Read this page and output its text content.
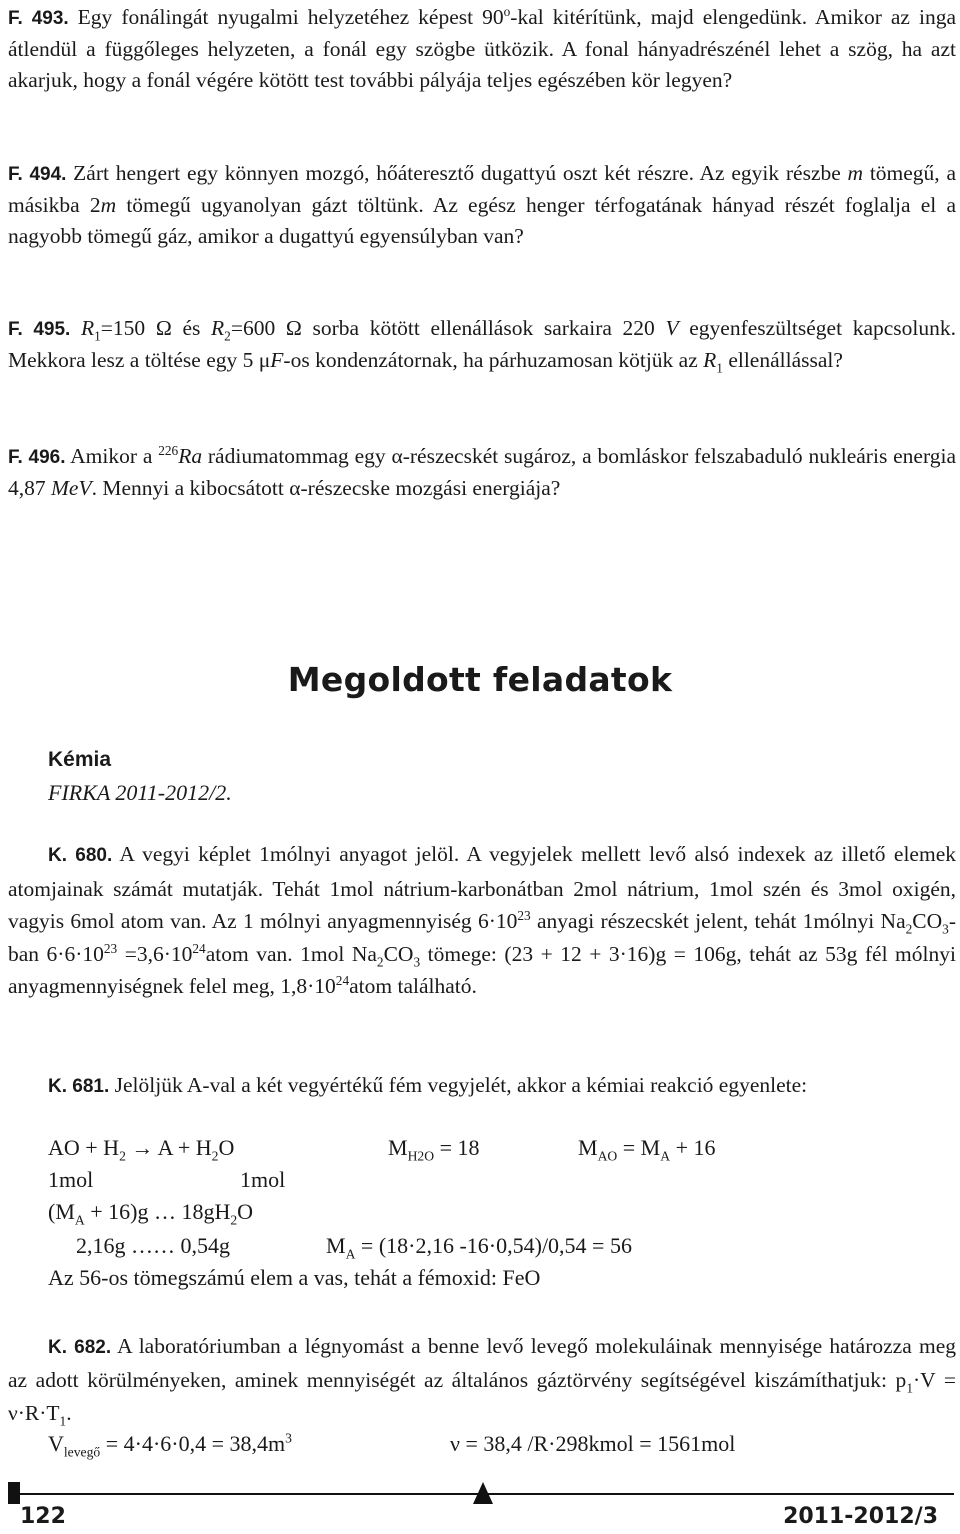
F. 493. Egy fonálingát nyugalmi helyzetéhez képest 90$^o$-kal kitérítünk, majd elengedünk. Amikor az inga átlendül a függőleges helyzeten, a fonál egy szögbe ütközik. A fonal hányadrészénél lehet a szög, ha azt akarjuk, hogy a fonál végére kötött test további pályája teljes egészében kör legyen?

F. 494. Zárt hengert egy könnyen mozgó, hőáteresztő dugattyú oszt két részre. Az egyik részbe m tömegű, a másikba 2m tömegű ugyanolyan gázt töltünk. Az egész henger térfogatának hányad részét foglalja el a nagyobb tömegű gáz, amikor a dugattyú egyensúlyban van?

F. 495. $R_1=150$ Ω és $R_2=600$ Ω sorba kötött ellenállások sarkaira 220 V egyenfeszültséget kapcsolunk. Mekkora lesz a töltése egy 5 μF-os kondenzátornak, ha párhuzamosan kötjük az $R_1$ ellenállással?

F. 496. Amikor a $^{226}$Ra rádiumatommag egy α-részecskét sugároz, a bomláskor felszabaduló nukleáris energia 4,87 MeV. Mennyi a kibocsátott α-részecske mozgási energiája?

Megoldott feladatok
Kémia
FIRKA 2011-2012/2.

K. 680. A vegyi képlet 1mólnyi anyagot jelöl. A vegyjelek mellett levő alsó indexek az illető elemek atomjainak számát mutatják. Tehát 1mol nátrium-karbonátban 2mol nátrium, 1mol szén és 3mol oxigén, vagyis 6mol atom van. Az 1 mólnyi anyagmennyiség $6\cdot 10^{23}$ anyagi részecskét jelent, tehát 1mólnyi $Na_2CO_3$-ban $6\cdot 6\cdot 10^{23}$ $=3,6\cdot 10^{24}atom$ van. 1mol $Na_2CO_3$ tömege: (23 + 12 + 3·16)g = 106g, tehát az 53g fél mólnyi anyagmennyiségnek felel meg, $1,8\cdot 10^{24}atom$ található.

K. 681. Jelöljük A-val a két vegyértékű fém vegyjelét, akkor a kémiai reakció egyenlete:

AO + $H_2 \to A + H_2O$	$M_{H2O} = 18$	$M_{AO} = M_A + 16$
1mol	1mol
$(M_A + 16)g$ … $18gH_2O$
2,16g …… 0,54g	$M_A = (18\cdot 2,16$ -16·0,54)/0,54 = 56
Az 56-os tömegszámú elem a vas, tehát a fémoxid: FeO

K. 682. A laboratóriumban a légnyomást a benne levő levegő molekuláinak mennyisége határozza meg az adott körülményeken, aminek mennyiségét az általános gáztörvény segítségével kiszámíthatjuk: $p_1\cdot V = \nu\cdot R\cdot T_1$.

$V_{levegő} = 4\cdot 4\cdot 6\cdot 0,4 = 38,4m^3$	ν = 38,4 /R·298kmol = 1561mol
122	2011-2012/3
